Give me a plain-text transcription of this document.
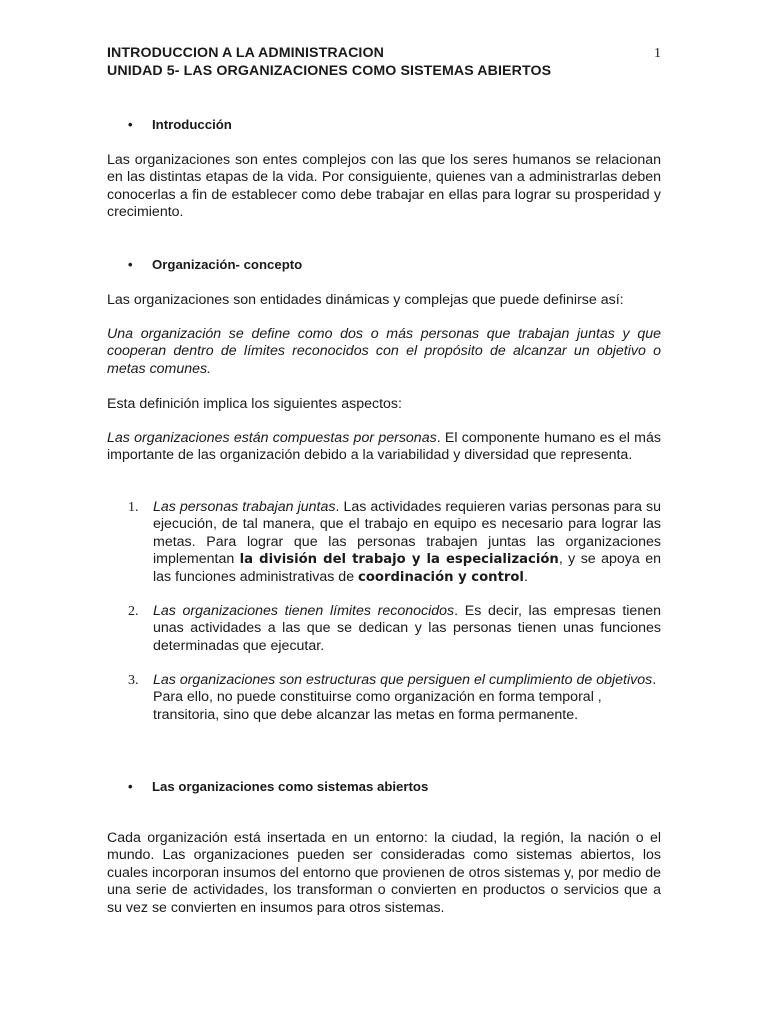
INTRODUCCION A LA ADMINISTRACION
UNIDAD 5- LAS ORGANIZACIONES COMO SISTEMAS ABIERTOS
1
• Introducción
Las organizaciones son entes complejos con las que los seres humanos se relacionan en las distintas etapas de la vida. Por consiguiente, quienes van a administrarlas deben conocerlas a fin de establecer como debe trabajar en ellas para lograr su prosperidad y crecimiento.
• Organización- concepto
Las organizaciones son entidades dinámicas y complejas que puede definirse así:
Una organización se define como dos o más personas que trabajan juntas y que cooperan dentro de límites reconocidos con el propósito de alcanzar un objetivo o metas comunes.
Esta definición implica los siguientes aspectos:
Las organizaciones están compuestas por personas. El componente humano es el más importante de las organización debido a la variabilidad y diversidad que representa.
1. Las personas trabajan juntas. Las actividades requieren varias personas para su ejecución, de tal manera, que el trabajo en equipo es necesario para lograr las metas. Para lograr que las personas trabajen juntas las organizaciones implementan la división del trabajo y la especialización, y se apoya en las funciones administrativas de coordinación y control.
2. Las organizaciones tienen límites reconocidos. Es decir, las empresas tienen unas actividades a las que se dedican y las personas tienen unas funciones determinadas que ejecutar.
3. Las organizaciones son estructuras que persiguen el cumplimiento de objetivos. Para ello, no puede constituirse como organización en forma temporal , transitoria, sino que debe alcanzar las metas en forma permanente.
• Las organizaciones como sistemas abiertos
Cada organización está insertada en un entorno: la ciudad, la región, la nación o el mundo. Las organizaciones pueden ser consideradas como sistemas abiertos, los cuales incorporan insumos del entorno que provienen de otros sistemas y, por medio de una serie de actividades, los transforman o convierten en productos o servicios que a su vez se convierten en insumos para otros sistemas.
